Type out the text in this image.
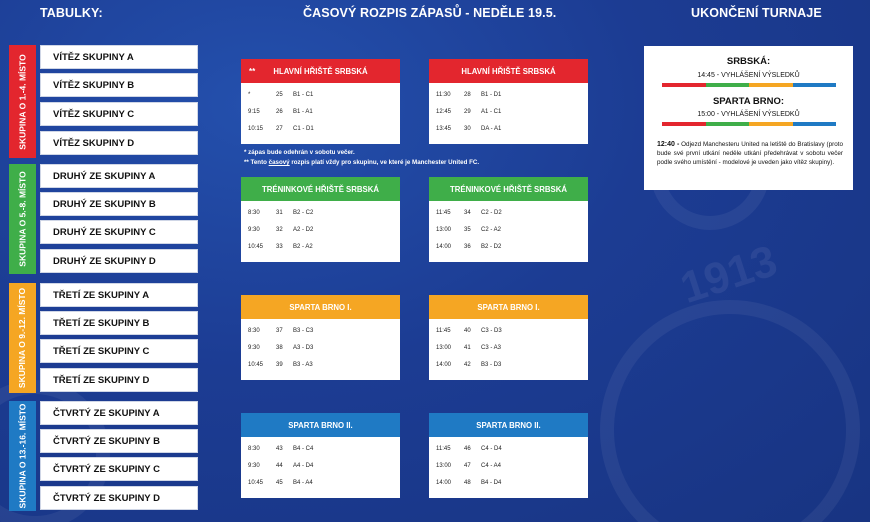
1913
TABULKY:	ČASOVÝ ROZPIS ZÁPASŮ - NEDĚLE 19.5.	UKONČENÍ TURNAJE
SKUPINA O 1.-4. MÍSTO	VÍTĚZ SKUPINY A
VÍTĚZ SKUPINY B
VÍTĚZ SKUPINY C
VÍTĚZ SKUPINY D
SKUPINA O 5.-8. MÍSTO	DRUHÝ ZE SKUPINY A
DRUHÝ ZE SKUPINY B
DRUHÝ ZE SKUPINY C
DRUHÝ ZE SKUPINY D
SKUPINA O 9.-12. MÍSTO	TŘETÍ ZE SKUPINY A
TŘETÍ ZE SKUPINY B
TŘETÍ ZE SKUPINY C
TŘETÍ ZE SKUPINY D
SKUPINA O 13.-16. MÍSTO	ČTVRTÝ ZE SKUPINY A
ČTVRTÝ ZE SKUPINY B
ČTVRTÝ ZE SKUPINY C
ČTVRTÝ ZE SKUPINY D
** HLAVNÍ HŘIŠTĚ SRBSKÁ
*	25 B1 - C1
9:15	26 B1 - A1
10:15 27 C1 - D1
HLAVNÍ HŘIŠTĚ SRBSKÁ
11:30 28 B1 - D1
12:45 29 A1 - C1
13:45 30 DA - A1
TRÉNINKOVÉ HŘIŠTĚ SRBSKÁ
8:30	31 B2 - C2
9:30	32 A2 - D2
10:45 33 B2 - A2
TRÉNINKOVÉ HŘIŠTĚ SRBSKÁ
11:45 34 C2 - D2
13:00 35 C2 - A2
14:00 36 B2 - D2
SPARTA BRNO I.
8:30	37 B3 - C3
9:30	38 A3 - D3
10:45 39 B3 - A3
SPARTA BRNO I.
11:45 40 C3 - D3
13:00 41 C3 - A3
14:00 42 B3 - D3
SPARTA BRNO II.
8:30	43 B4 - C4
9:30	44 A4 - D4
10:45 45 B4 - A4
SPARTA BRNO II.
11:45 46 C4 - D4
13:00 47 C4 - A4
14:00 48 B4 - D4
* zápas bude odehrán v sobotu večer.
** Tento časový rozpis platí vždy pro skupinu, ve které je Manchester United FC.
SRBSKÁ:
14:45 - VYHLÁŠENÍ VÝSLEDKŮ
SPARTA BRNO:
15:00 - VYHLÁŠENÍ VÝSLEDKŮ
12:40 - Odjezd Manchesteru United na letiště do Bratislavy (proto bude své první utkání neděle utkání předehrávat v sobotu večer podle svého umístění - modelové je uveden jako vítěz skupiny).
